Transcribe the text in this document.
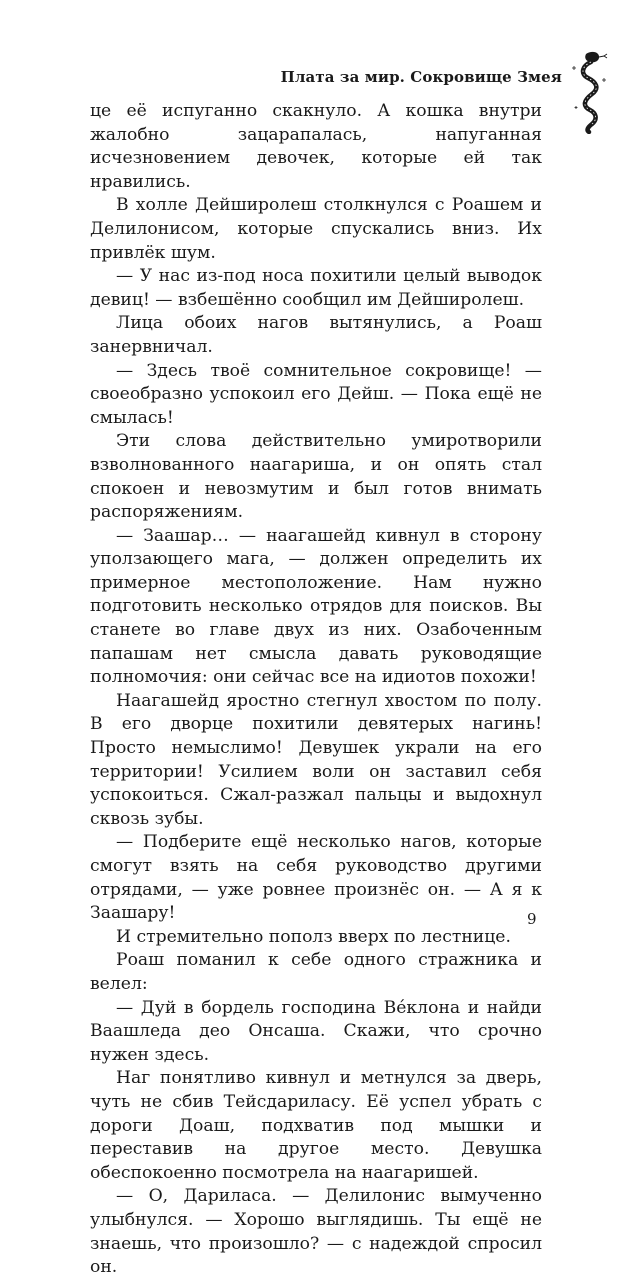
Плата за мир. Сокровище Змея

це её испуганно скакнуло. А кошка внутри жалобно зацарапалась, напуганная исчезновением девочек, которые ей так нравились.

В холле Дейширолеш столкнулся с Роашем и Делилонисом, которые спускались вниз. Их привлёк шум.

— У нас из-под носа похитили целый выводок девиц! — взбешённо сообщил им Дейширолеш.

Лица обоих нагов вытянулись, а Роаш занервничал.

— Здесь твоё сомнительное сокровище! — своеобразно успокоил его Дейш. — Пока ещё не смылась!

Эти слова действительно умиротворили взволнованного наагариша, и он опять стал спокоен и невозмутим и был готов внимать распоряжениям.

— Заашар… — наагашейд кивнул в сторону уползающего мага, — должен определить их примерное местоположение. Нам нужно подготовить несколько отрядов для поисков. Вы станете во главе двух из них. Озабоченным папашам нет смысла давать руководящие полномочия: они сейчас все на идиотов похожи!

Наагашейд яростно стегнул хвостом по полу. В его дворце похитили девятерых нагинь! Просто немыслимо! Девушек украли на его территории! Усилием воли он заставил себя успокоиться. Сжал-разжал пальцы и выдохнул сквозь зубы.

— Подберите ещё несколько нагов, которые смогут взять на себя руководство другими отрядами, — уже ровнее произнёс он. — А я к Заашару!

И стремительно пополз вверх по лестнице.

Роаш поманил к себе одного стражника и велел:

— Дуй в бордель господина Вéклона и найди Ваашледа део Онсаша. Скажи, что срочно нужен здесь.

Наг понятливо кивнул и метнулся за дверь, чуть не сбив Тейсдариласу. Её успел убрать с дороги Доаш, подхватив под мышки и переставив на другое место. Девушка обеспокоенно посмотрела на наагаришей.

— О, Дариласа. — Делилонис вымученно улыбнулся. — Хорошо выглядишь. Ты ещё не знаешь, что произошло? — с надеждой спросил он.

9
